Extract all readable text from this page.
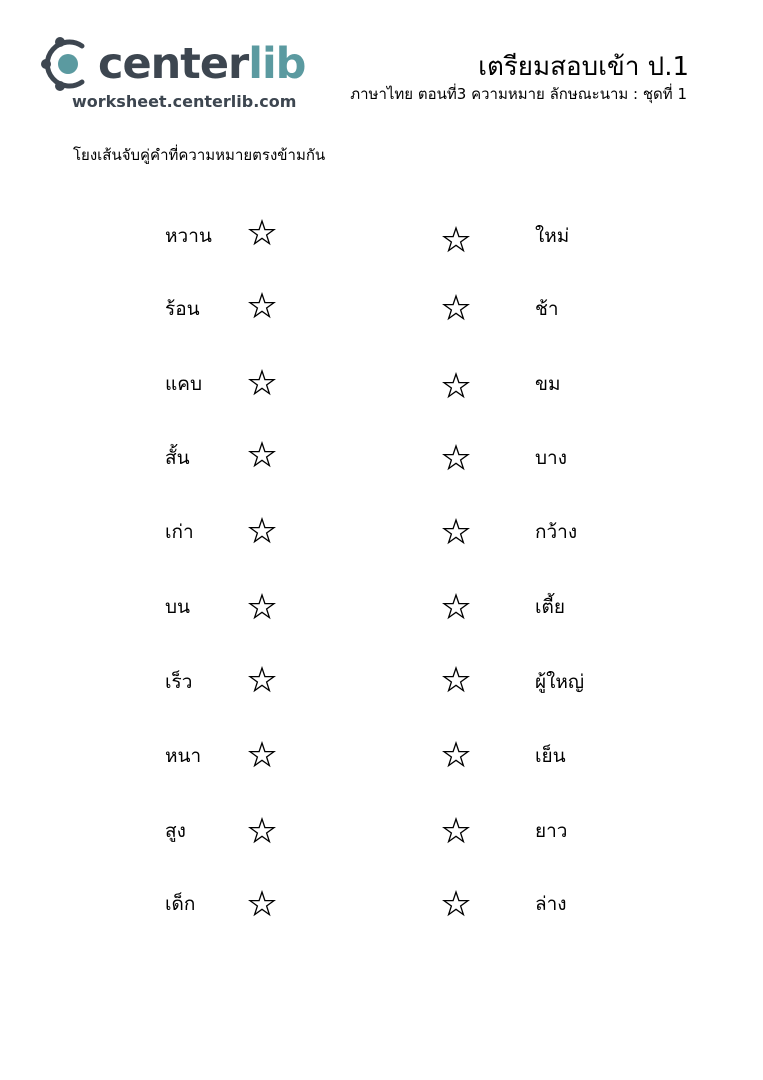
centerlib
worksheet.centerlib.com
เตรียมสอบเข้า ป.1
ภาษาไทย ตอนที่3 ความหมาย ลักษณะนาม : ชุดที่ 1
โยงเส้นจับคู่คำที่ความหมายตรงข้ามกัน
หวาน	ใหม่
ร้อน	ช้า
แคบ	ขม
สั้น	บาง
เก่า	กว้าง
บน	เตี้ย
เร็ว	ผู้ใหญ่
หนา	เย็น
สูง	ยาว
เด็ก	ล่าง
